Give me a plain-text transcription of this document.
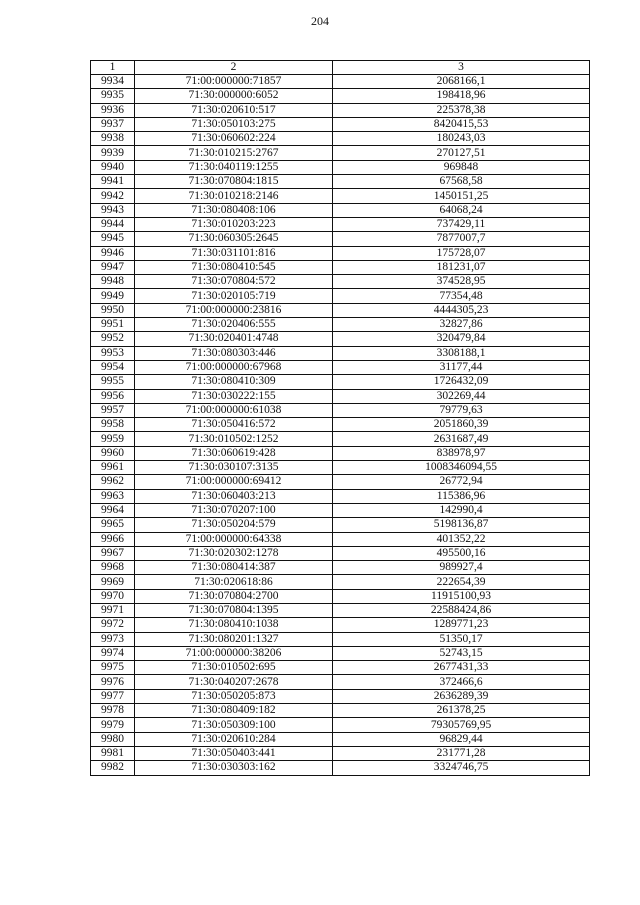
204
1	2	3
9934	71:00:000000:71857	2068166,1
9935	71:30:000000:6052	198418,96
9936	71:30:020610:517	225378,38
9937	71:30:050103:275	8420415,53
9938	71:30:060602:224	180243,03
9939	71:30:010215:2767	270127,51
9940	71:30:040119:1255	969848
9941	71:30:070804:1815	67568,58
9942	71:30:010218:2146	1450151,25
9943	71:30:080408:106	64068,24
9944	71:30:010203:223	737429,11
9945	71:30:060305:2645	7877007,7
9946	71:30:031101:816	175728,07
9947	71:30:080410:545	181231,07
9948	71:30:070804:572	374528,95
9949	71:30:020105:719	77354,48
9950	71:00:000000:23816	4444305,23
9951	71:30:020406:555	32827,86
9952	71:30:020401:4748	320479,84
9953	71:30:080303:446	3308188,1
9954	71:00:000000:67968	31177,44
9955	71:30:080410:309	1726432,09
9956	71:30:030222:155	302269,44
9957	71:00:000000:61038	79779,63
9958	71:30:050416:572	2051860,39
9959	71:30:010502:1252	2631687,49
9960	71:30:060619:428	838978,97
9961	71:30:030107:3135	1008346094,55
9962	71:00:000000:69412	26772,94
9963	71:30:060403:213	115386,96
9964	71:30:070207:100	142990,4
9965	71:30:050204:579	5198136,87
9966	71:00:000000:64338	401352,22
9967	71:30:020302:1278	495500,16
9968	71:30:080414:387	989927,4
9969	71:30:020618:86	222654,39
9970	71:30:070804:2700	11915100,93
9971	71:30:070804:1395	22588424,86
9972	71:30:080410:1038	1289771,23
9973	71:30:080201:1327	51350,17
9974	71:00:000000:38206	52743,15
9975	71:30:010502:695	2677431,33
9976	71:30:040207:2678	372466,6
9977	71:30:050205:873	2636289,39
9978	71:30:080409:182	261378,25
9979	71:30:050309:100	79305769,95
9980	71:30:020610:284	96829,44
9981	71:30:050403:441	231771,28
9982	71:30:030303:162	3324746,75
